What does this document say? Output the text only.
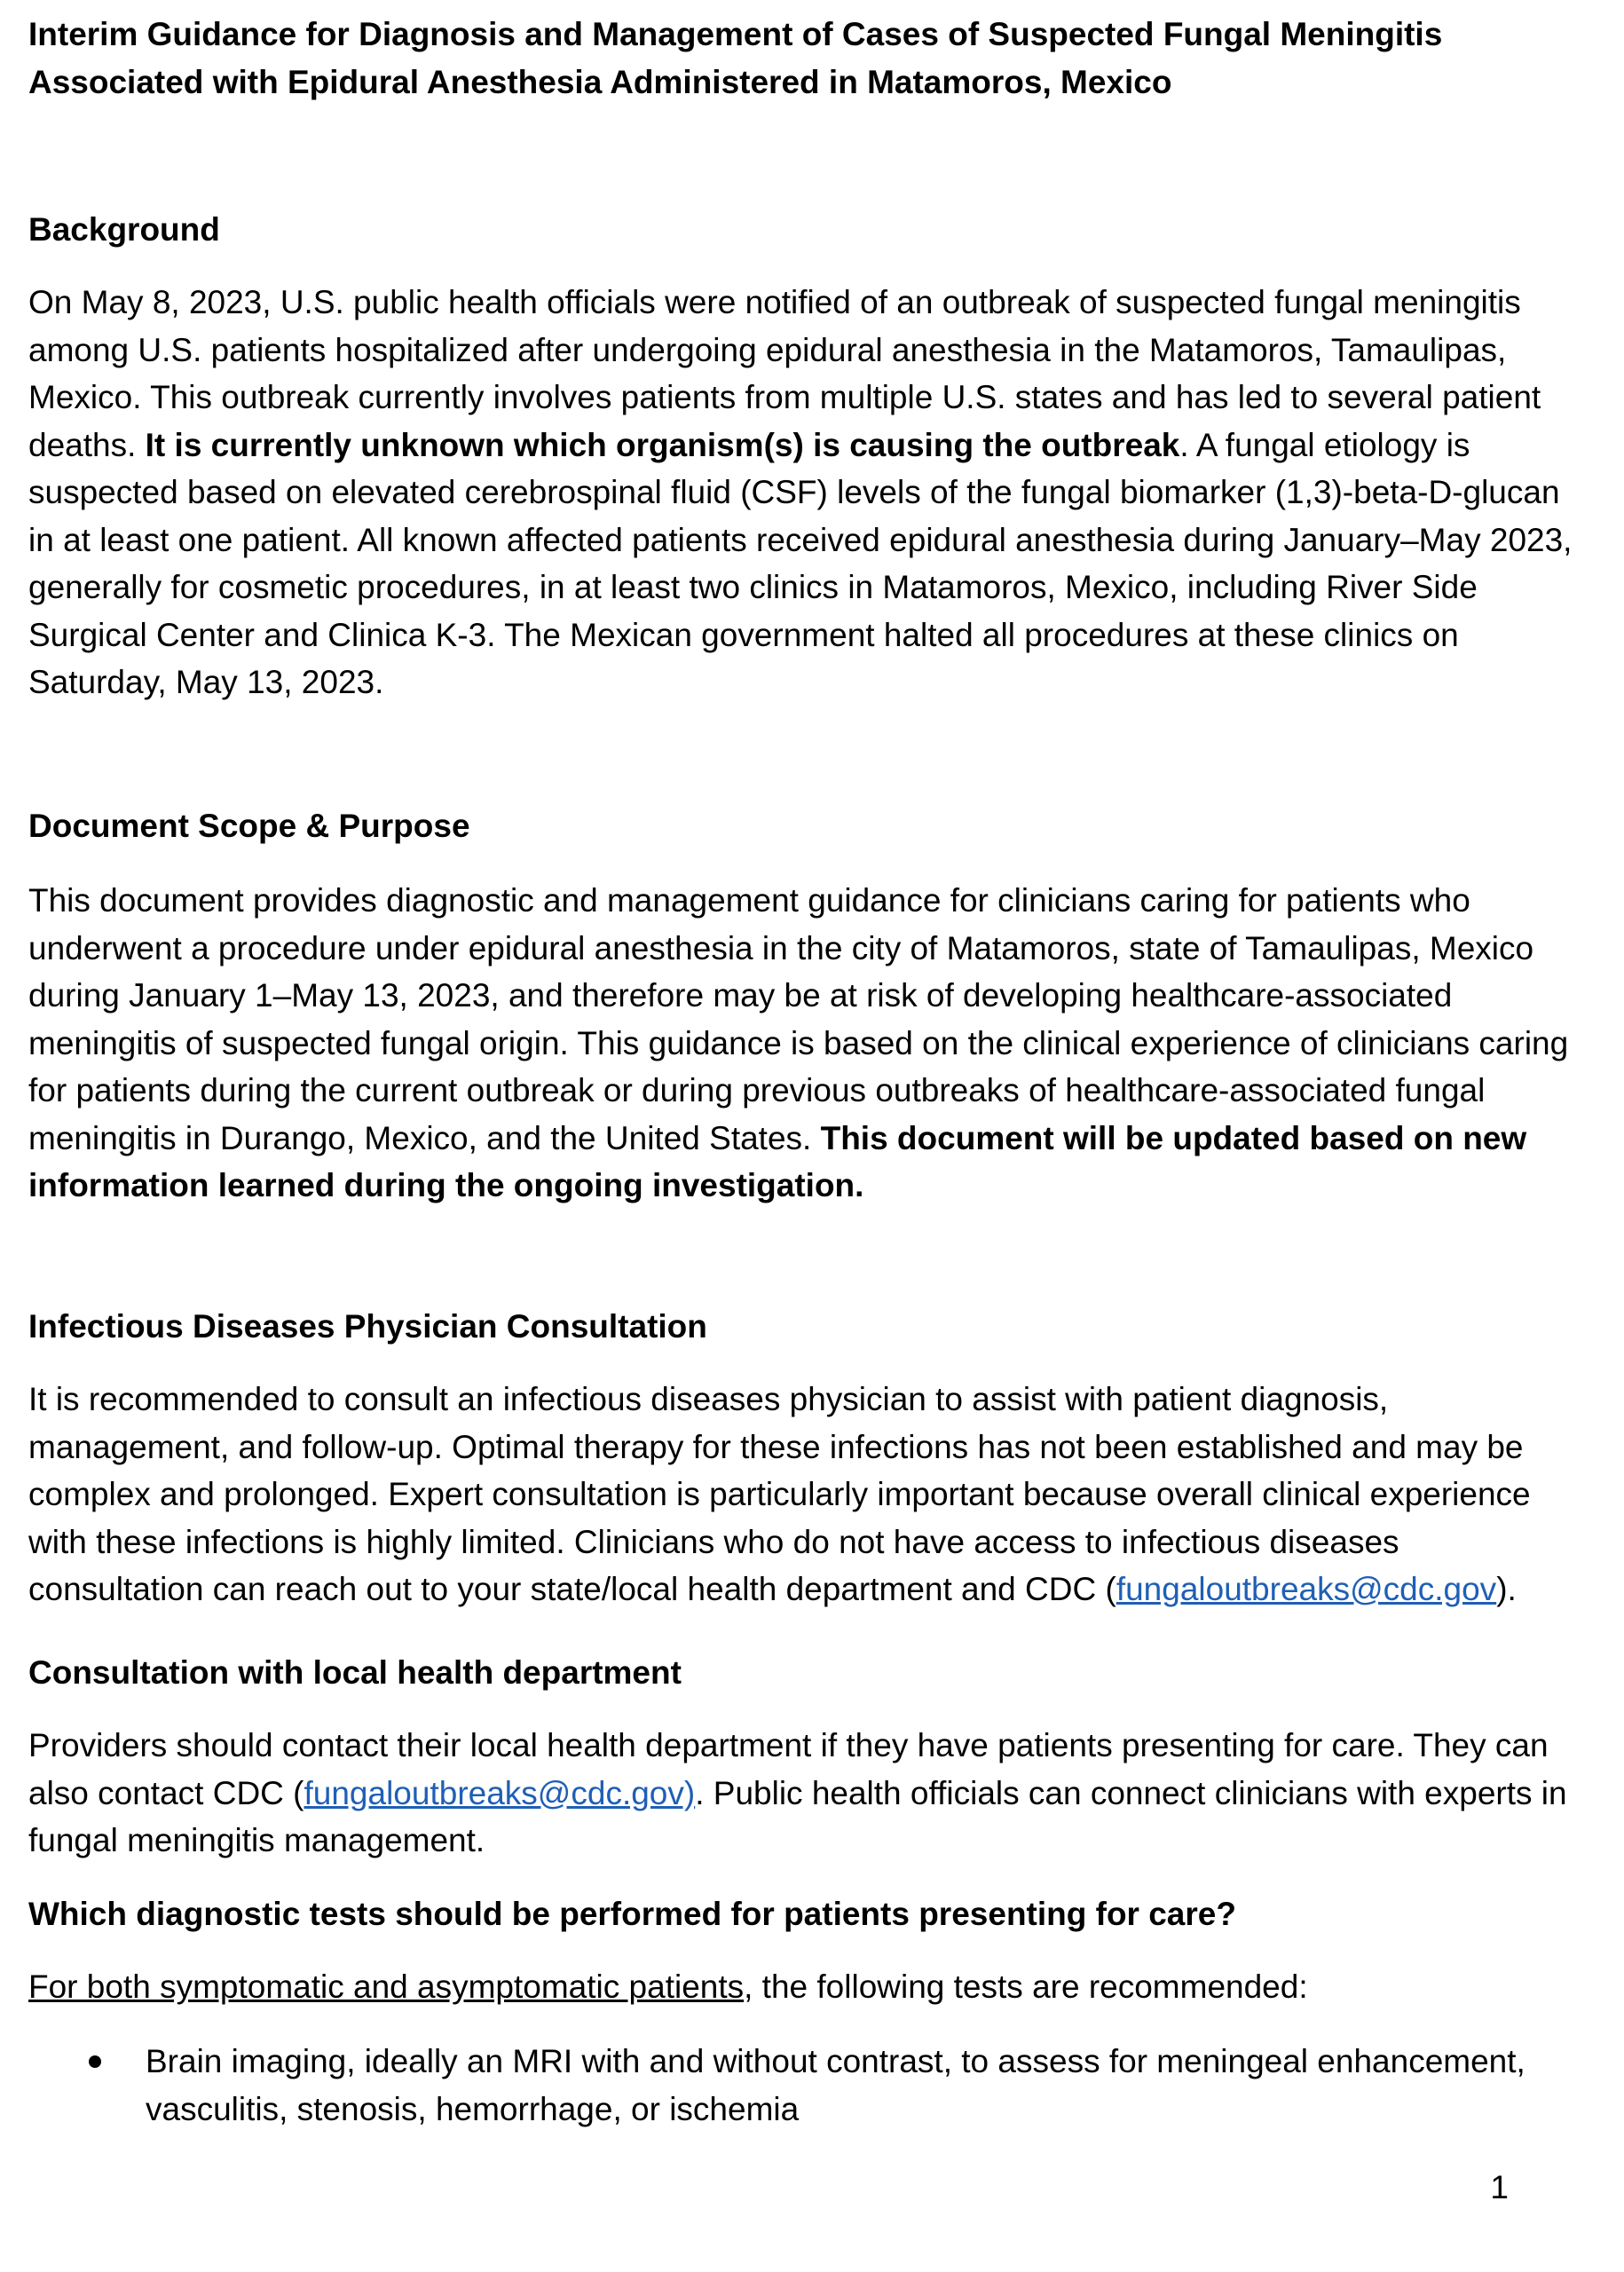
Interim Guidance for Diagnosis and Management of Cases of Suspected Fungal Meningitis Associated with Epidural Anesthesia Administered in Matamoros, Mexico
Background

On May 8, 2023, U.S. public health officials were notified of an outbreak of suspected fungal meningitis among U.S. patients hospitalized after undergoing epidural anesthesia in the Matamoros, Tamaulipas, Mexico. This outbreak currently involves patients from multiple U.S. states and has led to several patient deaths. It is currently unknown which organism(s) is causing the outbreak. A fungal etiology is suspected based on elevated cerebrospinal fluid (CSF) levels of the fungal biomarker (1,3)-beta-D-glucan in at least one patient. All known affected patients received epidural anesthesia during January–May 2023, generally for cosmetic procedures, in at least two clinics in Matamoros, Mexico, including River Side Surgical Center and Clinica K-3. The Mexican government halted all procedures at these clinics on Saturday, May 13, 2023.

Document Scope & Purpose

This document provides diagnostic and management guidance for clinicians caring for patients who underwent a procedure under epidural anesthesia in the city of Matamoros, state of Tamaulipas, Mexico during January 1–May 13, 2023, and therefore may be at risk of developing healthcare-associated meningitis of suspected fungal origin. This guidance is based on the clinical experience of clinicians caring for patients during the current outbreak or during previous outbreaks of healthcare-associated fungal meningitis in Durango, Mexico, and the United States. This document will be updated based on new information learned during the ongoing investigation.

Infectious Diseases Physician Consultation

It is recommended to consult an infectious diseases physician to assist with patient diagnosis, management, and follow-up. Optimal therapy for these infections has not been established and may be complex and prolonged. Expert consultation is particularly important because overall clinical experience with these infections is highly limited. Clinicians who do not have access to infectious diseases consultation can reach out to your state/local health department and CDC (fungaloutbreaks@cdc.gov).

Consultation with local health department

Providers should contact their local health department if they have patients presenting for care. They can also contact CDC (fungaloutbreaks@cdc.gov). Public health officials can connect clinicians with experts in fungal meningitis management.

Which diagnostic tests should be performed for patients presenting for care?

For both symptomatic and asymptomatic patients, the following tests are recommended:

Brain imaging, ideally an MRI with and without contrast, to assess for meningeal enhancement, vasculitis, stenosis, hemorrhage, or ischemia
1
